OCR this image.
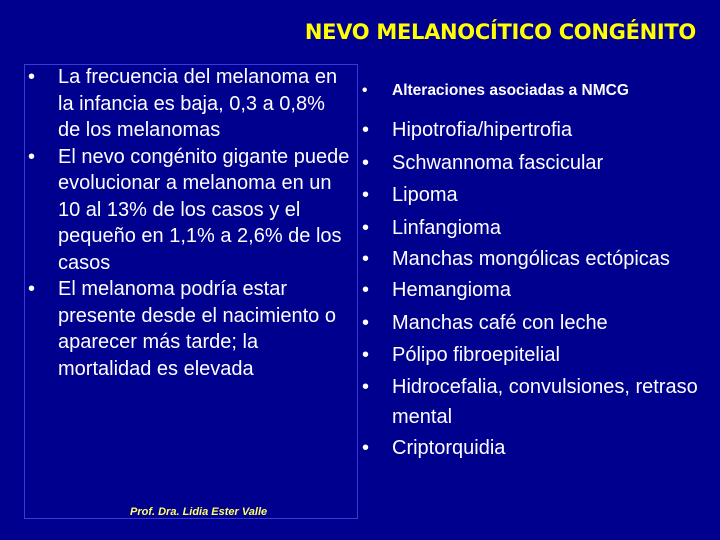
NEVO MELANOCÍTICO CONGÉNITO
• La frecuencia del melanoma en la infancia es baja, 0,3 a 0,8% de los melanomas
• El nevo congénito gigante puede evolucionar a melanoma en un 10 al 13% de los casos y el pequeño en 1,1% a 2,6% de los casos
• El melanoma podría estar presente desde el nacimiento o aparecer más tarde; la mortalidad es elevada
Prof. Dra. Lidia Ester Valle
• Alteraciones asociadas a NMCG
• Hipotrofia/hipertrofia
• Schwannoma fascicular
• Lipoma
• Linfangioma
• Manchas mongólicas ectópicas
• Hemangioma
• Manchas café con leche
• Pólipo fibroepitelial
• Hidrocefalia, convulsiones, retraso mental
• Criptorquidia
